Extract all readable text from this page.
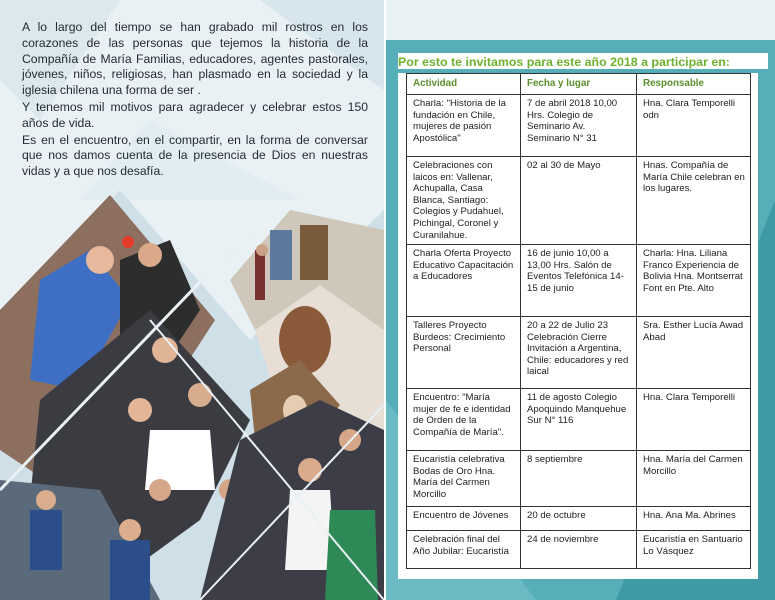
A lo largo del tiempo se han grabado mil rostros en los corazones de las personas que tejemos la historia de la Compañía de María Familias, educadores, agentes pastorales, jóvenes, niños, religiosas, han plasmado en la sociedad y la iglesia chilena una forma de ser .

Y tenemos mil motivos para agradecer y celebrar estos 150 años de vida.

Es en el encuentro, en el compartir, en la forma de conversar que nos damos cuenta de la presencia de Dios en nuestras vidas y a que nos desafía.

Por esto te invitamos para este año 2018 a participar en:
Actividad	Fecha y lugar	Responsable
Charla: "Historia de la fundación en Chile, mujeres de pasión Apostólica"	7 de abril 2018 10,00 Hrs. Colegio de Seminario Av. Seminario N° 31	Hna. Clara Temporelli odn
Celebraciones con laicos en: Vallenar, Achupalla, Casa Blanca, Santiago: Colegios y Pudahuel, Pichingal, Coronel y Curanilahue.	02 al 30 de Mayo	Hnas. Compañía de María Chile celebran en los lugares.
Charla Oferta Proyecto Educativo Capacitación a Educadores	16 de junio 10,00 a 13,00 Hrs. Salón de Eventos Telefónica 14-15 de junio	Charla: Hna. Liliana Franco Experiencia de Bolivia Hna. Montserrat Font en Pte. Alto
Talleres Proyecto Burdeos: Crecimiento Personal	20 a 22 de Julio 23 Celebración Cierre Invitación a Argentina, Chile: educadores y red laical	Sra. Esther Lucía Awad Abad
Encuentro: "María mujer de fe e identidad de Orden de la Compañía de María".	11 de agosto Colegio Apoquindo Manquehue Sur N° 116	Hna. Clara Temporelli
Eucaristía celebrativa Bodas de Oro Hna. María del Carmen Morcillo	8 septiembre	Hna. María del Carmen Morcillo
Encuentro de Jóvenes	20 de octubre	Hna. Ana Ma. Abrines
Celebración final del Año Jubilar: Eucaristía	24 de noviembre	Eucaristía en Santuario Lo Vásquez
